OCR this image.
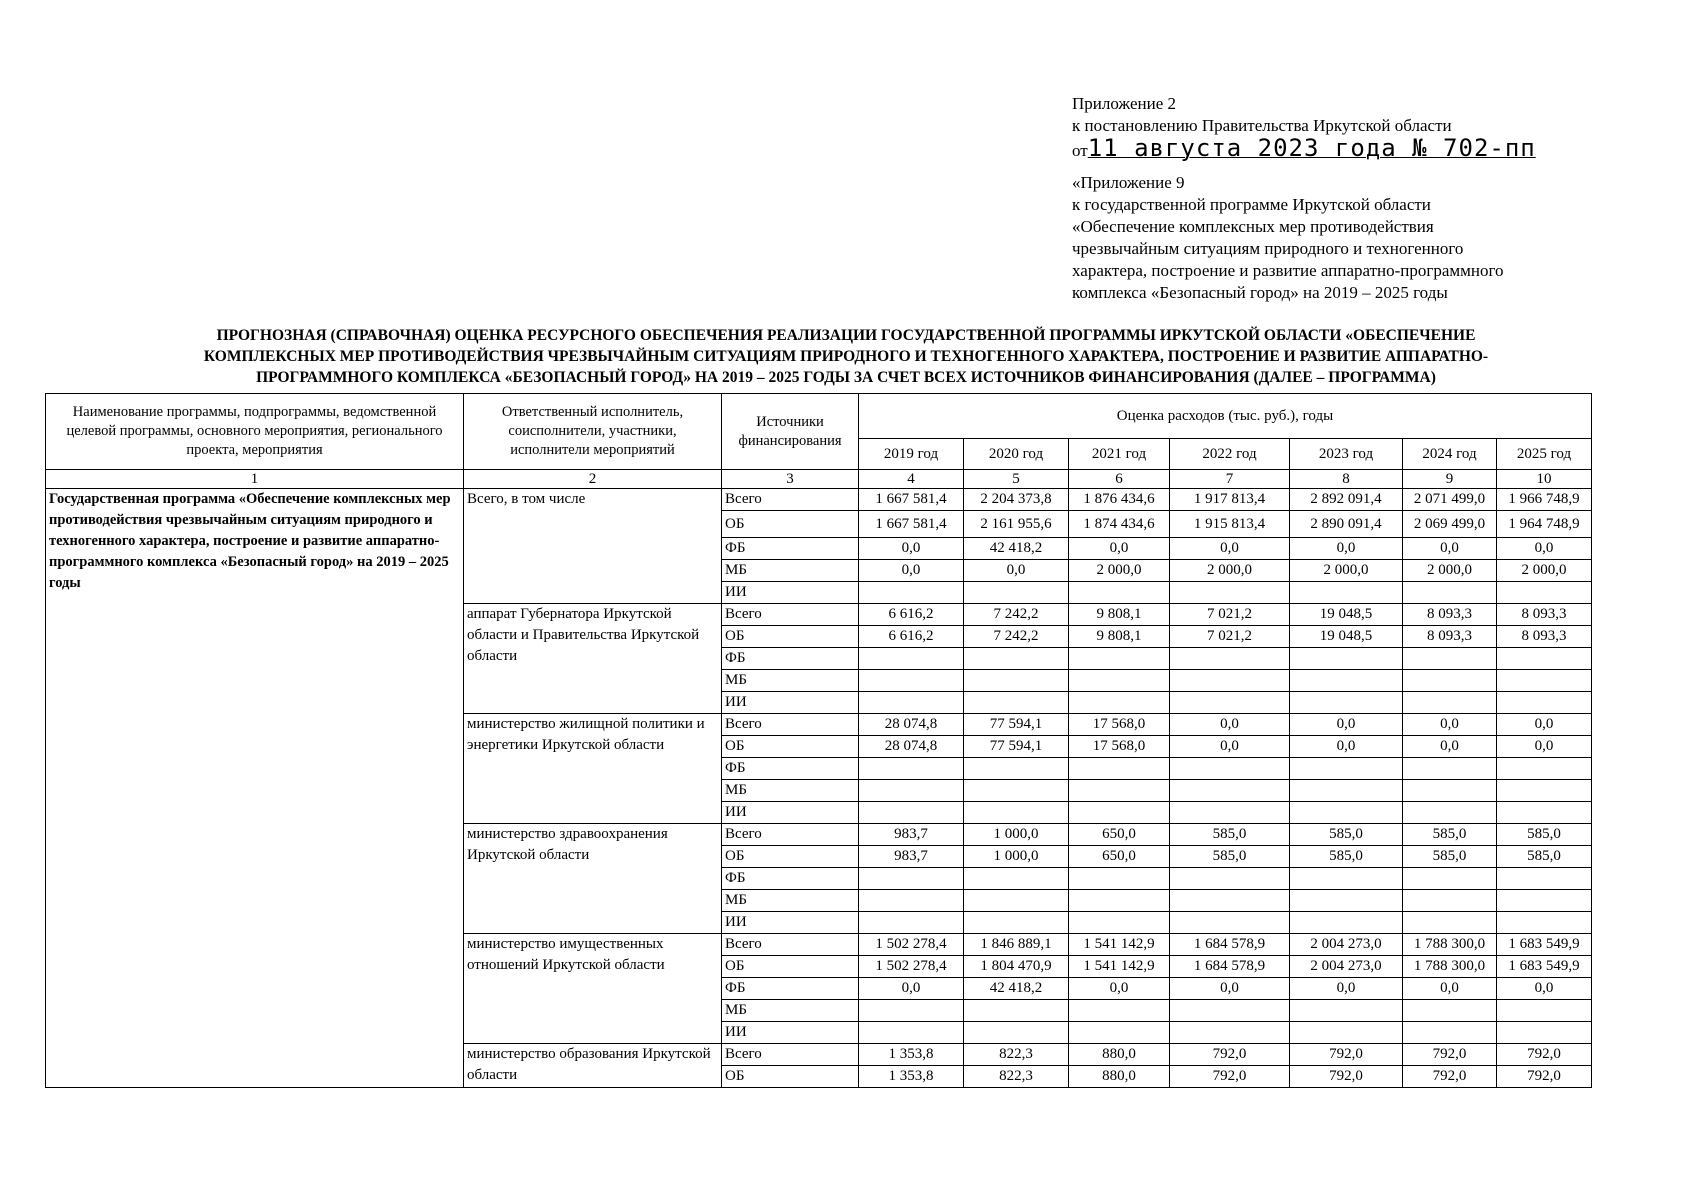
Приложение 2
к постановлению Правительства Иркутской области
от11 августа 2023 года № 702-пп
«Приложение 9
к государственной программе Иркутской области
«Обеспечение комплексных мер противодействия
чрезвычайным ситуациям природного и техногенного
характера, построение и развитие аппаратно-программного
комплекса «Безопасный город» на 2019 – 2025 годы
ПРОГНОЗНАЯ (СПРАВОЧНАЯ) ОЦЕНКА РЕСУРСНОГО ОБЕСПЕЧЕНИЯ РЕАЛИЗАЦИИ ГОСУДАРСТВЕННОЙ ПРОГРАММЫ ИРКУТСКОЙ ОБЛАСТИ «ОБЕСПЕЧЕНИЕ
КОМПЛЕКСНЫХ МЕР ПРОТИВОДЕЙСТВИЯ ЧРЕЗВЫЧАЙНЫМ СИТУАЦИЯМ ПРИРОДНОГО И ТЕХНОГЕННОГО ХАРАКТЕРА, ПОСТРОЕНИЕ И РАЗВИТИЕ АППАРАТНО-
ПРОГРАММНОГО КОМПЛЕКСА «БЕЗОПАСНЫЙ ГОРОД» НА 2019 – 2025 ГОДЫ ЗА СЧЕТ ВСЕХ ИСТОЧНИКОВ ФИНАНСИРОВАНИЯ (ДАЛЕЕ – ПРОГРАММА)
Наименование программы, подпрограммы, ведомственной целевой программы, основного мероприятия, регионального проекта, мероприятия	Ответственный исполнитель, соисполнители, участники, исполнители мероприятий	Источники финансирования	Оценка расходов (тыс. руб.), годы						
			2019 год	2020 год	2021 год	2022 год	2023 год	2024 год	2025 год
1	2	3	4	5	6	7	8	9	10
Государственная программа «Обеспечение комплексных мер противодействия чрезвычайным ситуациям природного и техногенного характера, построение и развитие аппаратно-программного комплекса «Безопасный город» на 2019 – 2025 годы	Всего, в том числе	Всего	1 667 581,4	2 204 373,8	1 876 434,6	1 917 813,4	2 892 091,4	2 071 499,0	1 966 748,9
		ОБ	1 667 581,4	2 161 955,6	1 874 434,6	1 915 813,4	2 890 091,4	2 069 499,0	1 964 748,9
		ФБ	0,0	42 418,2	0,0	0,0	0,0	0,0	0,0
		МБ	0,0	0,0	2 000,0	2 000,0	2 000,0	2 000,0	2 000,0
		ИИ							
	аппарат Губернатора Иркутской области и Правительства Иркутской области	Всего	6 616,2	7 242,2	9 808,1	7 021,2	19 048,5	8 093,3	8 093,3
		ОБ	6 616,2	7 242,2	9 808,1	7 021,2	19 048,5	8 093,3	8 093,3
		ФБ							
		МБ							
		ИИ							
	министерство жилищной политики и энергетики Иркутской области	Всего	28 074,8	77 594,1	17 568,0	0,0	0,0	0,0	0,0
		ОБ	28 074,8	77 594,1	17 568,0	0,0	0,0	0,0	0,0
		ФБ							
		МБ							
		ИИ							
	министерство здравоохранения Иркутской области	Всего	983,7	1 000,0	650,0	585,0	585,0	585,0	585,0
		ОБ	983,7	1 000,0	650,0	585,0	585,0	585,0	585,0
		ФБ							
		МБ							
		ИИ							
	министерство имущественных отношений Иркутской области	Всего	1 502 278,4	1 846 889,1	1 541 142,9	1 684 578,9	2 004 273,0	1 788 300,0	1 683 549,9
		ОБ	1 502 278,4	1 804 470,9	1 541 142,9	1 684 578,9	2 004 273,0	1 788 300,0	1 683 549,9
		ФБ	0,0	42 418,2	0,0	0,0	0,0	0,0	0,0
		МБ							
		ИИ							
	министерство образования Иркутской области	Всего	1 353,8	822,3	880,0	792,0	792,0	792,0	792,0
		ОБ	1 353,8	822,3	880,0	792,0	792,0	792,0	792,0
